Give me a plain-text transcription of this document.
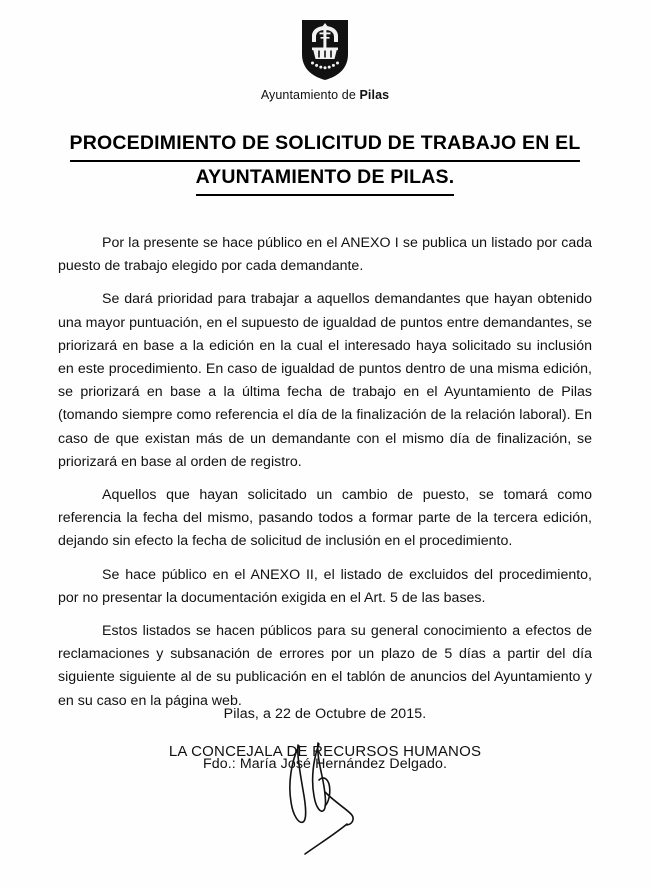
Ayuntamiento de Pilas
PROCEDIMIENTO DE SOLICITUD DE TRABAJO EN EL
AYUNTAMIENTO DE PILAS.

Por la presente se hace público en el ANEXO I se publica un listado por cada puesto de trabajo elegido por cada demandante.

Se dará prioridad para trabajar a aquellos demandantes que hayan obtenido una mayor puntuación, en el supuesto de igualdad de puntos entre demandantes, se priorizará en base a la edición en la cual el interesado haya solicitado su inclusión en este procedimiento. En caso de igualdad de puntos dentro de una misma edición, se priorizará en base a la última fecha de trabajo en el Ayuntamiento de Pilas (tomando siempre como referencia el día de la finalización de la relación laboral). En caso de que existan más de un demandante con el mismo día de finalización, se priorizará en base al orden de registro.

Aquellos que hayan solicitado un cambio de puesto, se tomará como referencia la fecha del mismo, pasando todos a formar parte de la tercera edición, dejando sin efecto la fecha de solicitud de inclusión en el procedimiento.

Se hace público en el ANEXO II, el listado de excluidos del procedimiento, por no presentar la documentación exigida en el Art. 5 de las bases.

Estos listados se hacen públicos para su general conocimiento a efectos de reclamaciones y subsanación de errores por un plazo de 5 días a partir del día siguiente siguiente al de su publicación en el tablón de anuncios del Ayuntamiento y en su caso en la página web.

Pilas, a 22 de Octubre de 2015.
LA CONCEJALA DE RECURSOS HUMANOS
Fdo.: María José Hernández Delgado.
